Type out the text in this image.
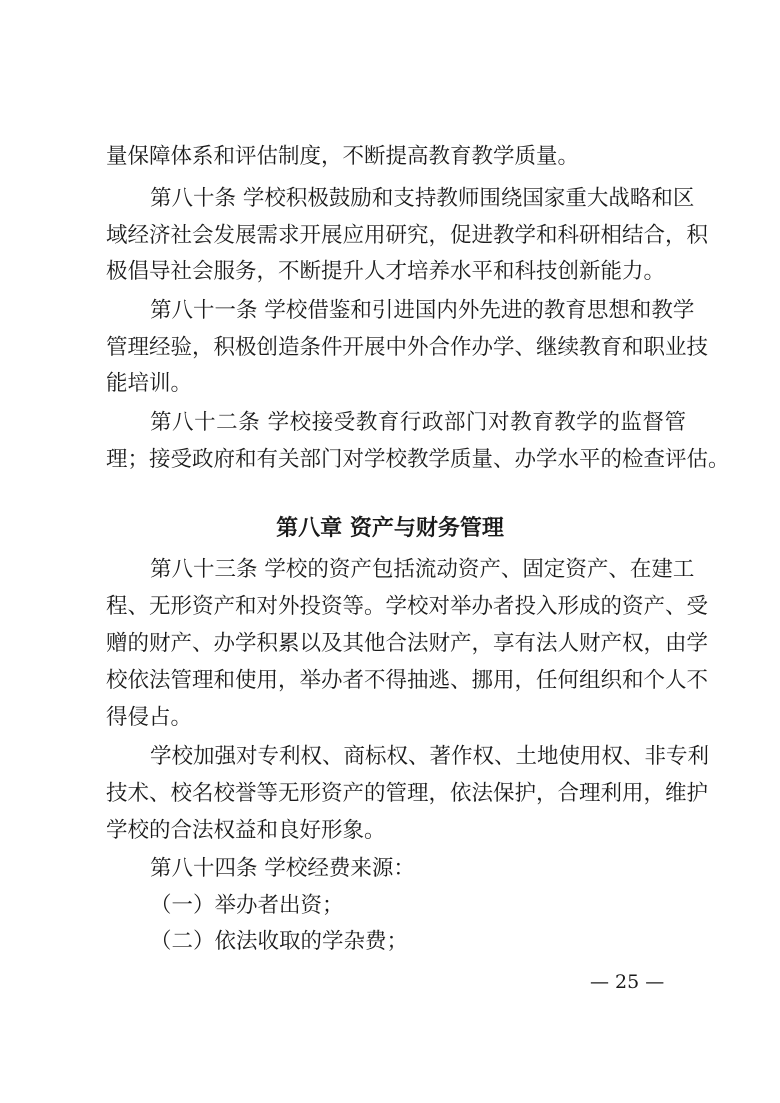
量保障体系和评估制度，不断提高教育教学质量。
第八十条 学校积极鼓励和支持教师围绕国家重大战略和区
域经济社会发展需求开展应用研究，促进教学和科研相结合，积
极倡导社会服务，不断提升人才培养水平和科技创新能力。
第八十一条 学校借鉴和引进国内外先进的教育思想和教学
管理经验，积极创造条件开展中外合作办学、继续教育和职业技
能培训。
第八十二条 学校接受教育行政部门对教育教学的监督管
理；接受政府和有关部门对学校教学质量、办学水平的检查评估。
第八章 资产与财务管理
第八十三条 学校的资产包括流动资产、固定资产、在建工
程、无形资产和对外投资等。学校对举办者投入形成的资产、受
赠的财产、办学积累以及其他合法财产，享有法人财产权，由学
校依法管理和使用，举办者不得抽逃、挪用，任何组织和个人不
得侵占。
学校加强对专利权、商标权、著作权、土地使用权、非专利
技术、校名校誉等无形资产的管理，依法保护，合理利用，维护
学校的合法权益和良好形象。
第八十四条 学校经费来源：
（一）举办者出资；
（二）依法收取的学杂费；
— 25 —
